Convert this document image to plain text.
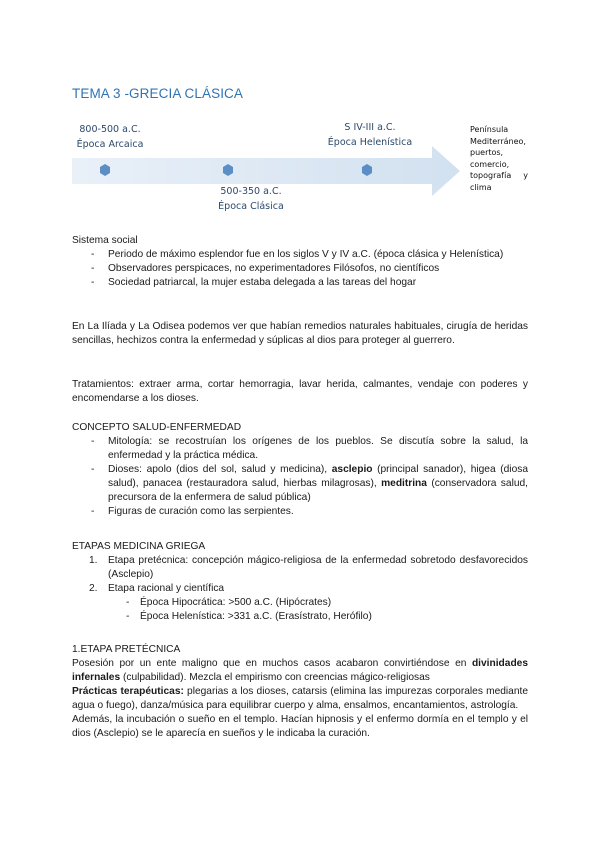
TEMA 3 -GRECIA CLÁSICA
800-500 a.C.
Época Arcaica
S IV-III a.C.
Época Helenística
500-350 a.C.
Época Clásica
Península
Mediterráneo,
puertos,
comercio,
topografía y
clima

Sistema social

- Periodo de máximo esplendor fue en los siglos V y IV a.C. (época clásica y Helenística)
- Observadores perspicaces, no experimentadores Filósofos, no científicos
- Sociedad patriarcal, la mujer estaba delegada a las tareas del hogar
En La Ilíada y La Odisea podemos ver que habían remedios naturales habituales, cirugía de heridas sencillas, hechizos contra la enfermedad y súplicas al dios para proteger al guerrero.
Tratamientos: extraer arma, cortar hemorragia, lavar herida, calmantes, vendaje con poderes y encomendarse a los dioses.

CONCEPTO SALUD-ENFERMEDAD

- Mitología: se recostruían los orígenes de los pueblos. Se discutía sobre la salud, la enfermedad y la práctica médica.
- Dioses: apolo (dios del sol, salud y medicina), asclepio (principal sanador), higea (diosa salud), panacea (restauradora salud, hierbas milagrosas), meditrina (conservadora salud, precursora de la enfermera de salud pública)
- Figuras de curación como las serpientes.

ETAPAS MEDICINA GRIEGA

1. Etapa pretécnica: concepción mágico-religiosa de la enfermedad sobretodo desfavorecidos (Asclepio)
2. Etapa racional y científica
- Época Hipocrática: >500 a.C. (Hipócrates)
- Época Helenística: >331 a.C. (Erasístrato, Herófilo)

1.ETAPA PRETÉCNICA

Posesión por un ente maligno que en muchos casos acabaron convirtiéndose en divinidades infernales (culpabilidad). Mezcla el empirismo con creencias mágico-religiosas

Prácticas terapéuticas: plegarias a los dioses, catarsis (elimina las impurezas corporales mediante agua o fuego), danza/música para equilibrar cuerpo y alma, ensalmos, encantamientos, astrología.

Además, la incubación o sueño en el templo. Hacían hipnosis y el enfermo dormía en el templo y el dios (Asclepio) se le aparecía en sueños y le indicaba la curación.
